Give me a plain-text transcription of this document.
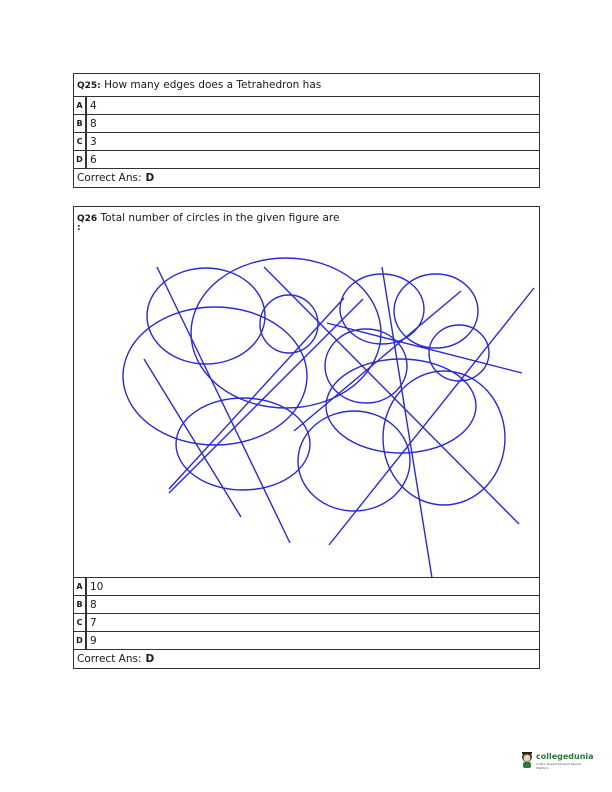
Q25: How many edges does a Tetrahedron has
A 4
B 8
C 3
D 6
Correct Ans: D
Q26 Total number of circles in the given figure are
:
A 10
B 8
C 7
D 9
Correct Ans: D
collegedunia
India's largest Student Review Platform
